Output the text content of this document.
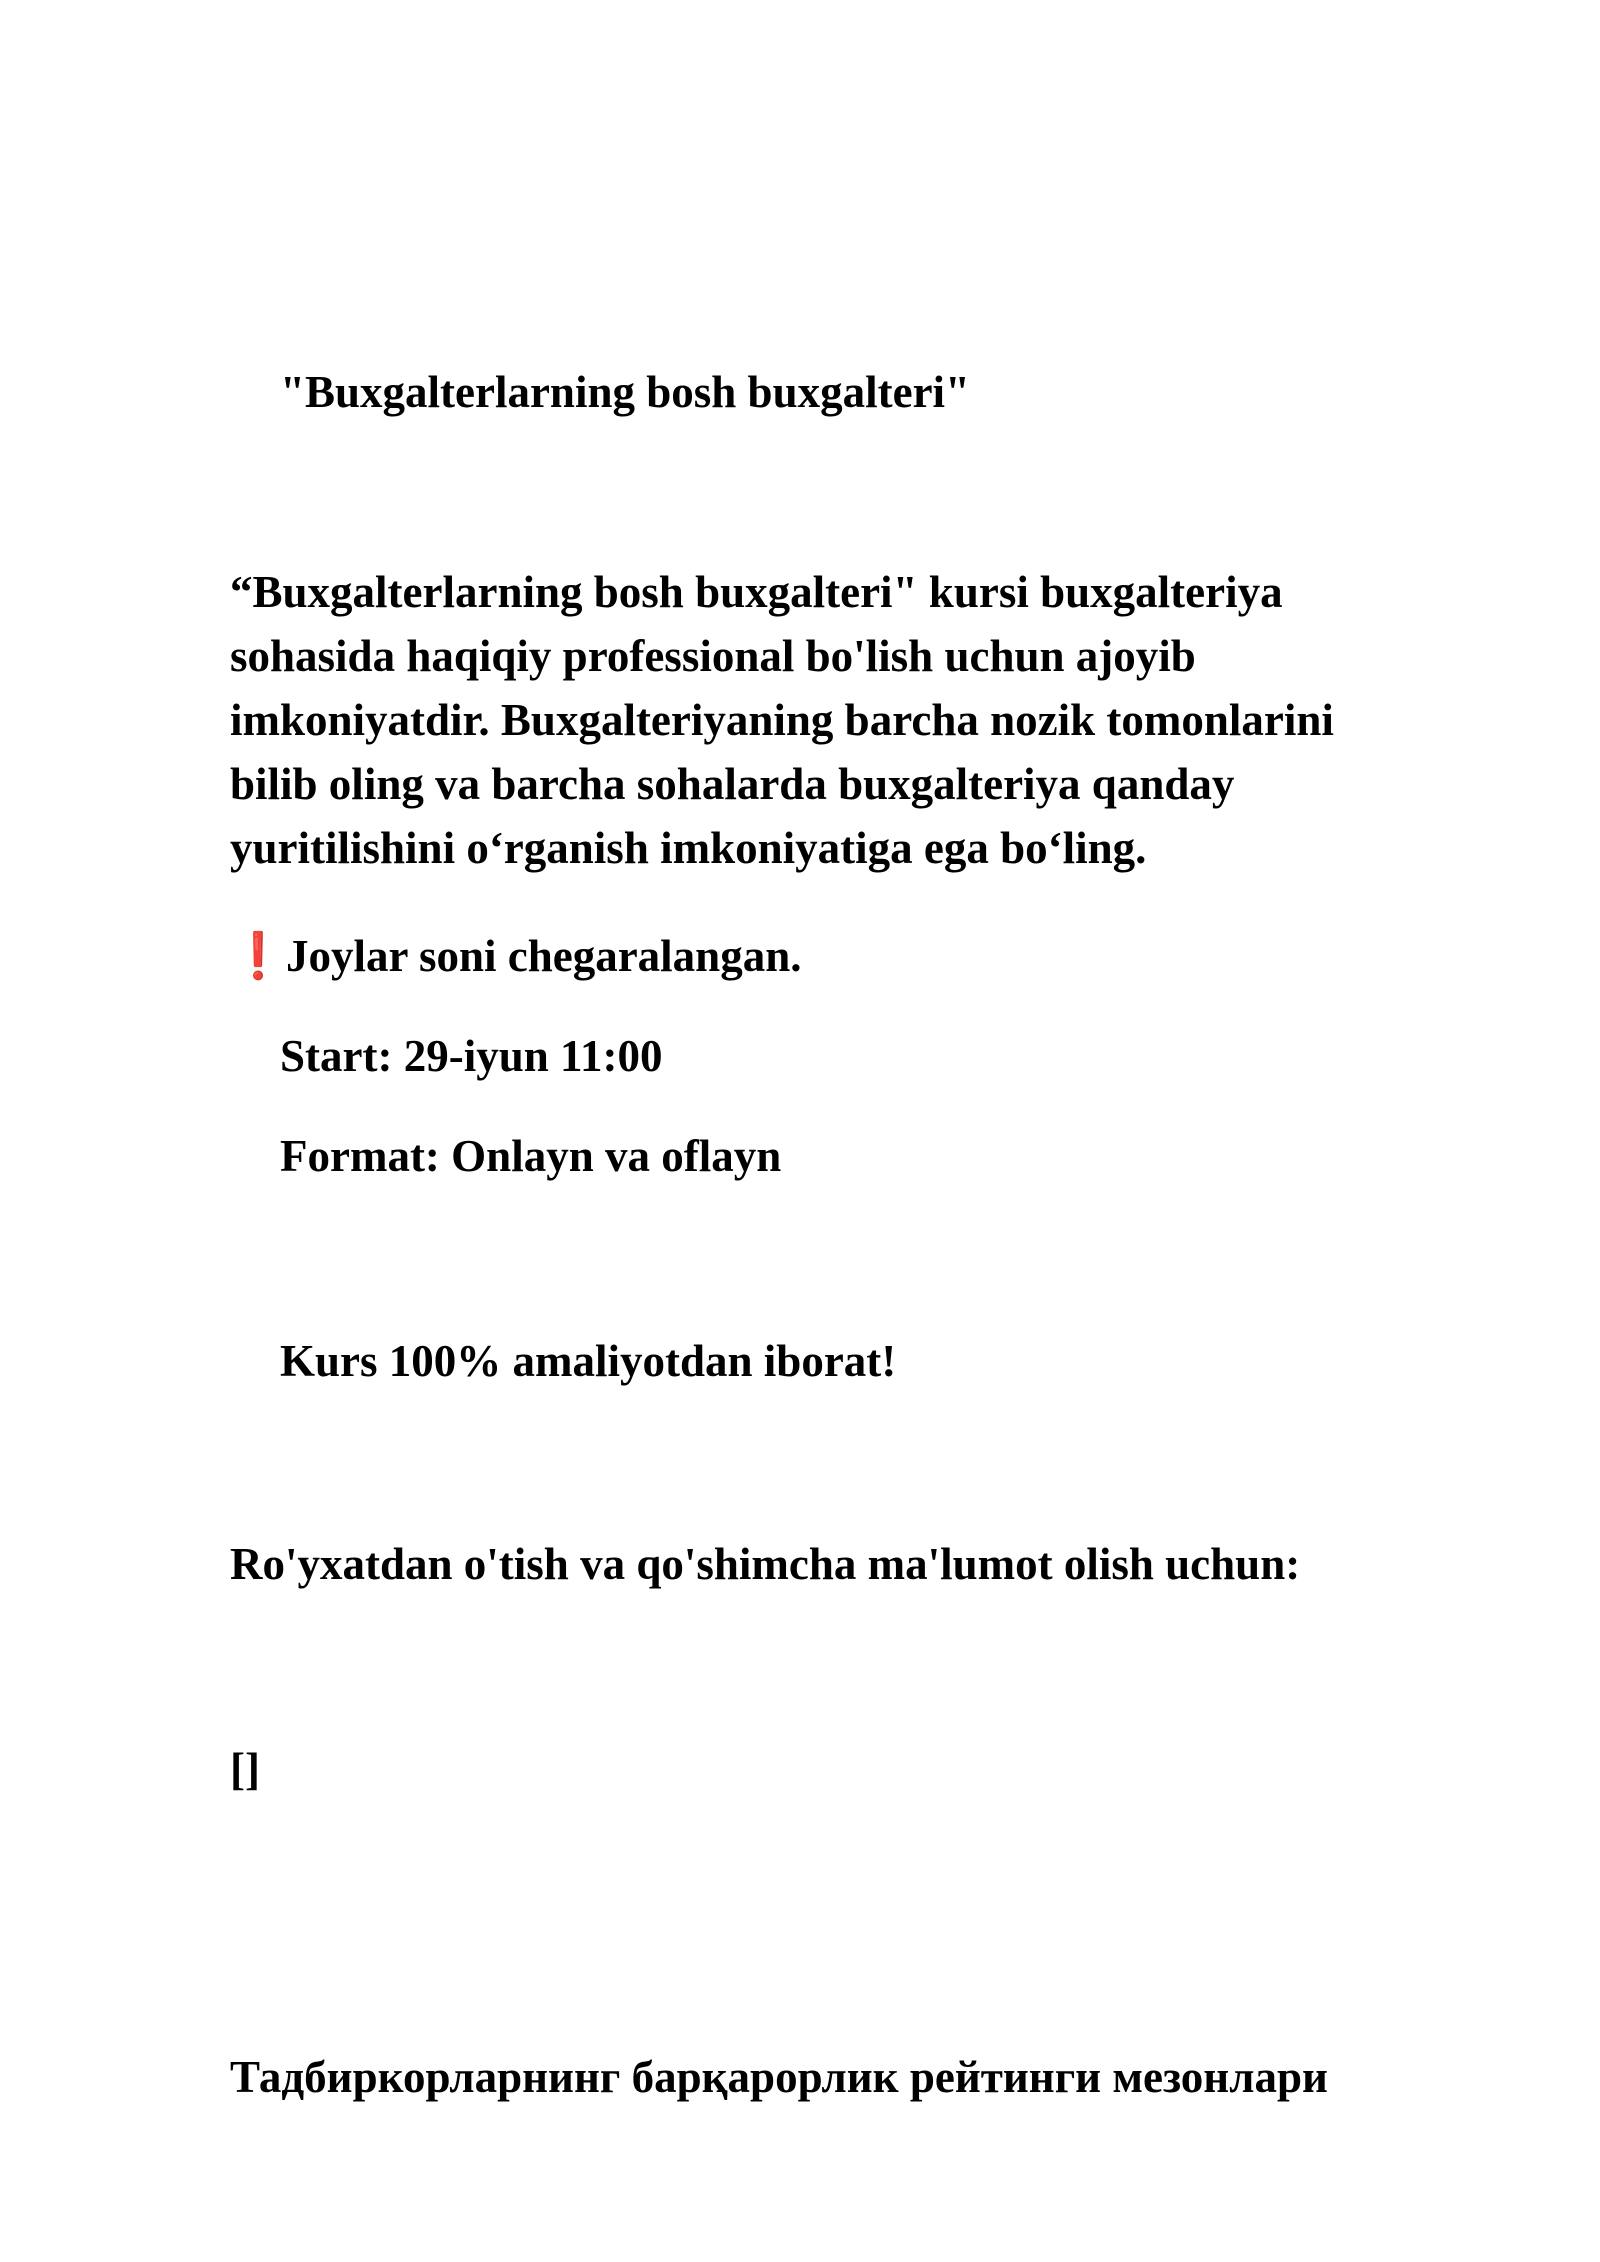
"Buxgalterlarning bosh buxgalteri"

“Buxgalterlarning bosh buxgalteri" kursi buxgalteriya
sohasida haqiqiy professional bo'lish uchun ajoyib
imkoniyatdir. Buxgalteriyaning barcha nozik tomonlarini
bilib oling va barcha sohalarda buxgalteriya qanday
yuritilishini o‘rganish imkoniyatiga ega bo‘ling.

❗Joylar soni chegaralangan.

Start: 29-iyun 11:00

Format: Onlayn va oflayn

Kurs 100% amaliyotdan iborat!

Ro'yxatdan o'tish va qo'shimcha ma'lumot olish uchun:

[]

Тадбиркорларнинг барқарорлик рейтинги мезонлари
